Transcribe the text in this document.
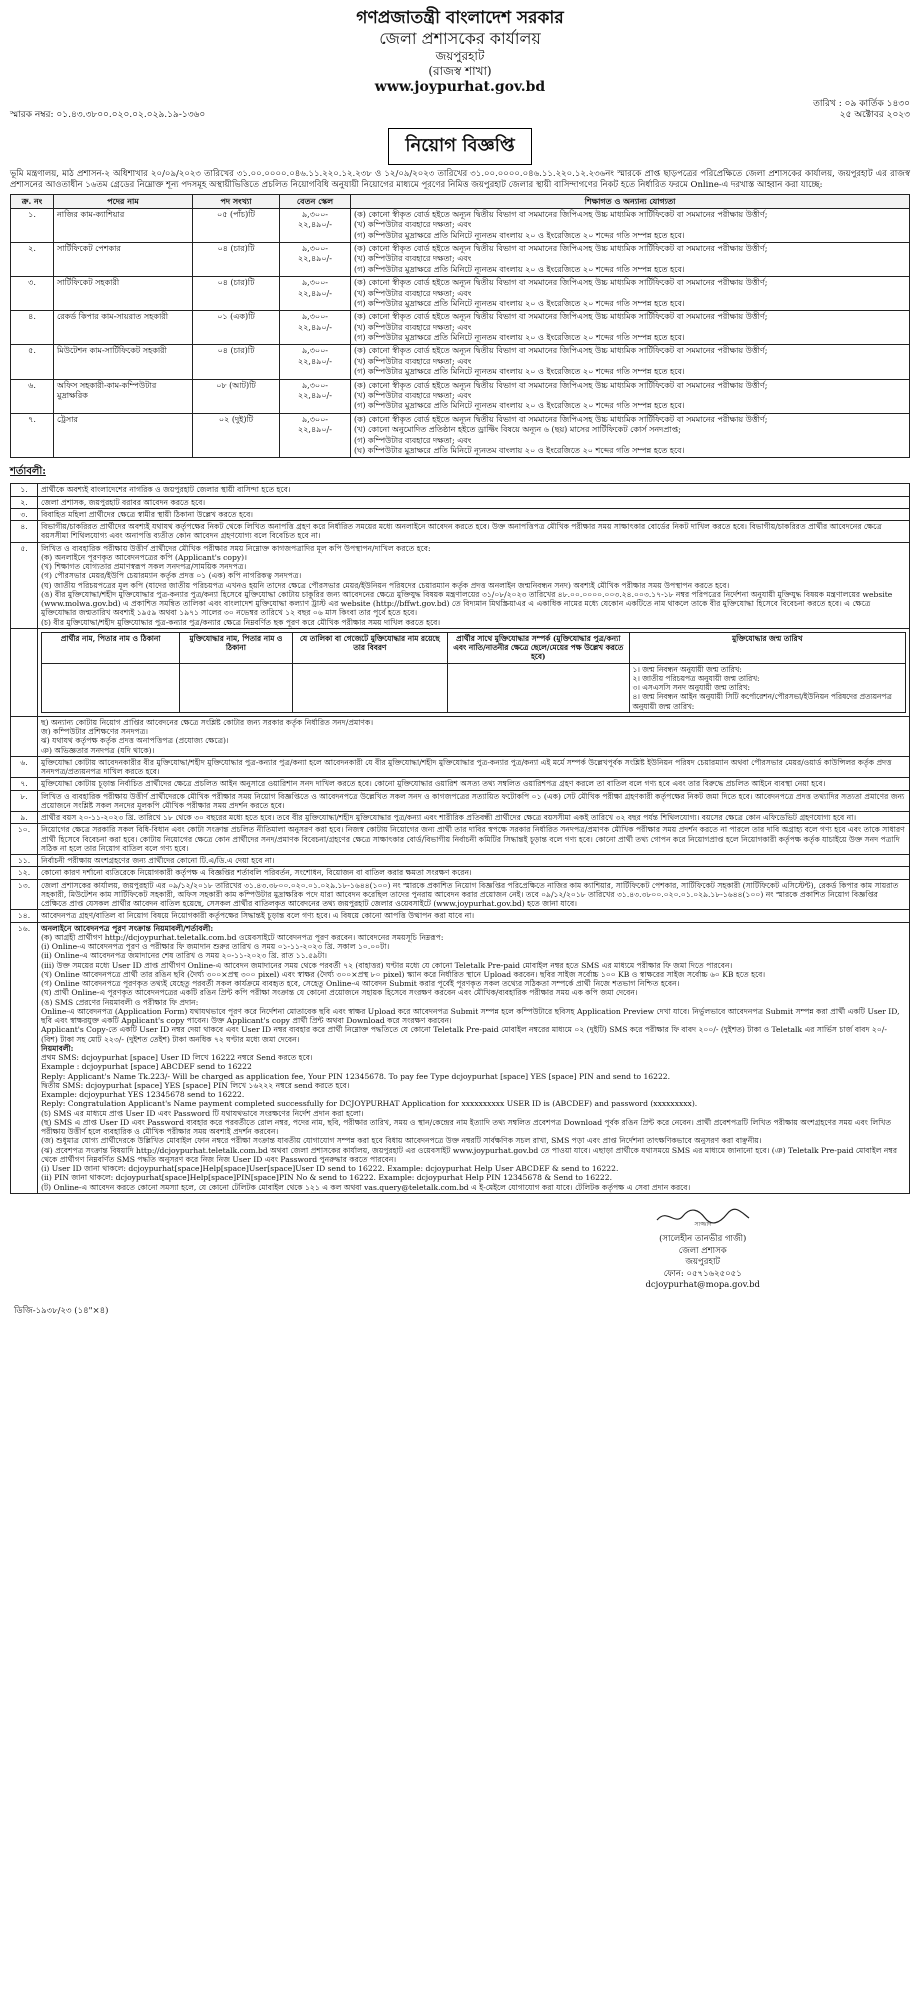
গণপ্রজাতন্ত্রী বাংলাদেশ সরকার
জেলা প্রশাসকের কার্যালয়
জয়পুরহাট
(রাজস্ব শাখা)
www.joypurhat.gov.bd
স্মারক নম্বর: ০১.৪৩.৩৮০০.০২০.০২.০২৯.১৯-১৩৬০
তারিখ : ০৯ কার্তিক ১৪৩০
২৫ অক্টোবর ২০২৩
নিয়োগ বিজ্ঞপ্তি
ভূমি মন্ত্রণালয়, মাঠ প্রশাসন-২ অধিশাখার ২০/০৯/২০২৩ তারিখের ৩১.০০.০০০০.০৪৬.১১.২২০.১২.২৩৮ ও ১২/০৯/২০২৩ তারিখের ৩১.০০.০০০০.০৪৬.১১.২২০.১২.২৩৬নং স্মারকে প্রাপ্ত ছাড়পত্রের পরিপ্রেক্ষিতে জেলা প্রশাসকের কার্যালয়, জয়পুরহাট এর রাজস্ব প্রশাসনের আওতাধীন ১৬তম গ্রেডের নিম্নোক্ত শূন্য পদসমূহ অস্থায়ীভিত্তিতে প্রচলিত নিয়োগবিধি অনুযায়ী নিয়োগের মাধ্যমে পূরণের নিমিত্ত জয়পুরহাট জেলার স্থায়ী বাসিন্দাগণের নিকট হতে নির্ধারিত ফরমে Online-এ দরখাস্ত আহ্বান করা যাচ্ছে:
ক্র. নং	পদের নাম	পদ সংখ্যা	বেতন স্কেল	শিক্ষাগত ও অন্যান্য যোগ্যতা
১.	নাজির কাম-ক্যাশিয়ার	০৫ (পাঁচ)টি	৯,৩০০-
২২,৪৯০/-	(ক) কোনো স্বীকৃত বোর্ড হইতে অন্যূন দ্বিতীয় বিভাগ বা সমমানের জিপিএসহ উচ্চ মাধ্যমিক সার্টিফিকেট বা সমমানের পরীক্ষায় উত্তীর্ণ;
(খ) কম্পিউটার ব্যবহারে দক্ষতা; এবং
(গ) কম্পিউটার মুদ্রাক্ষরে প্রতি মিনিটে ন্যূনতম বাংলায় ২০ ও ইংরেজিতে ২০ শব্দের গতি সম্পন্ন হতে হবে।
২.	সার্টিফিকেট পেশকার	০৪ (চার)টি	৯,৩০০-
২২,৪৯০/-	(ক) কোনো স্বীকৃত বোর্ড হইতে অন্যূন দ্বিতীয় বিভাগ বা সমমানের জিপিএসহ উচ্চ মাধ্যমিক সার্টিফিকেট বা সমমানের পরীক্ষায় উত্তীর্ণ;
(খ) কম্পিউটার ব্যবহারে দক্ষতা; এবং
(গ) কম্পিউটার মুদ্রাক্ষরে প্রতি মিনিটে ন্যূনতম বাংলায় ২০ ও ইংরেজিতে ২০ শব্দের গতি সম্পন্ন হতে হবে।
৩.	সার্টিফিকেট সহকারী	০৪ (চার)টি	৯,৩০০-
২২,৪৯০/-	(ক) কোনো স্বীকৃত বোর্ড হইতে অন্যূন দ্বিতীয় বিভাগ বা সমমানের জিপিএসহ উচ্চ মাধ্যমিক সার্টিফিকেট বা সমমানের পরীক্ষায় উত্তীর্ণ;
(খ) কম্পিউটার ব্যবহারে দক্ষতা; এবং
(গ) কম্পিউটার মুদ্রাক্ষরে প্রতি মিনিটে ন্যূনতম বাংলায় ২০ ও ইংরেজিতে ২০ শব্দের গতি সম্পন্ন হতে হবে।
৪.	রেকর্ড কিপার কাম-সায়রাত সহকারী	০১ (এক)টি	৯,৩০০-
২২,৪৯০/-	(ক) কোনো স্বীকৃত বোর্ড হইতে অন্যূন দ্বিতীয় বিভাগ বা সমমানের জিপিএসহ উচ্চ মাধ্যমিক সার্টিফিকেট বা সমমানের পরীক্ষায় উত্তীর্ণ;
(খ) কম্পিউটার ব্যবহারে দক্ষতা; এবং
(গ) কম্পিউটার মুদ্রাক্ষরে প্রতি মিনিটে ন্যূনতম বাংলায় ২০ ও ইংরেজিতে ২০ শব্দের গতি সম্পন্ন হতে হবে।
৫.	মিউটেশন কাম-সার্টিফিকেট সহকারী	০৪ (চার)টি	৯,৩০০-
২২,৪৯০/-	(ক) কোনো স্বীকৃত বোর্ড হইতে অন্যূন দ্বিতীয় বিভাগ বা সমমানের জিপিএসহ উচ্চ মাধ্যমিক সার্টিফিকেট বা সমমানের পরীক্ষায় উত্তীর্ণ;
(খ) কম্পিউটার ব্যবহারে দক্ষতা; এবং
(গ) কম্পিউটার মুদ্রাক্ষরে প্রতি মিনিটে ন্যূনতম বাংলায় ২০ ও ইংরেজিতে ২০ শব্দের গতি সম্পন্ন হতে হবে।
৬.	অফিস সহকারী-কাম-কম্পিউটার মুদ্রাক্ষরিক	০৮ (আট)টি	৯,৩০০-
২২,৪৯০/-	(ক) কোনো স্বীকৃত বোর্ড হইতে অন্যূন দ্বিতীয় বিভাগ বা সমমানের জিপিএসহ উচ্চ মাধ্যমিক সার্টিফিকেট বা সমমানের পরীক্ষায় উত্তীর্ণ;
(খ) কম্পিউটার ব্যবহারে দক্ষতা; এবং
(গ) কম্পিউটার মুদ্রাক্ষরে প্রতি মিনিটে ন্যূনতম বাংলায় ২০ ও ইংরেজিতে ২০ শব্দের গতি সম্পন্ন হতে হবে।
৭.	ট্রেসার	০২ (দুই)টি	৯,৩০০-
২২,৪৯০/-	(ক) কোনো স্বীকৃত বোর্ড হইতে অন্যূন দ্বিতীয় বিভাগ বা সমমানের জিপিএসহ উচ্চ মাধ্যমিক সার্টিফিকেট বা সমমানের পরীক্ষায় উত্তীর্ণ;
(খ) কোনো অনুমোদিত প্রতিষ্ঠান হইতে ড্রাফ্টিং বিষয়ে অন্যূন ৬ (ছয়) মাসের সার্টিফিকেট কোর্স সনদপ্রাপ্ত;
(গ) কম্পিউটার ব্যবহারে দক্ষতা; এবং
(ঘ) কম্পিউটার মুদ্রাক্ষরে প্রতি মিনিটে ন্যূনতম বাংলায় ২০ ও ইংরেজিতে ২০ শব্দের গতি সম্পন্ন হতে হবে।
শর্তাবলী:
১.	প্রার্থীকে অবশ্যই বাংলাদেশের নাগরিক ও জয়পুরহাট জেলার স্থায়ী বাসিন্দা হতে হবে।
২.	জেলা প্রশাসক, জয়পুরহাট বরাবর আবেদন করতে হবে।
৩.	বিবাহিত মহিলা প্রার্থীদের ক্ষেত্রে স্বামীর স্থায়ী ঠিকানা উল্লেখ করতে হবে।
৪.	বিভাগীয়/চাকরিরত প্রার্থীদের অবশ্যই যথাযথ কর্তৃপক্ষের নিকট থেকে লিখিত অনাপত্তি গ্রহণ করে নির্ধারিত সময়ের মধ্যে অনলাইনে আবেদন করতে হবে। উক্ত অনাপত্তিপত্র মৌখিক পরীক্ষার সময় সাক্ষাৎকার বোর্ডের নিকট দাখিল করতে হবে। বিভাগীয়/চাকরিরত প্রার্থীর আবেদনের ক্ষেত্রে বয়সসীমা শিথিলযোগ্য এবং অনাপত্তি ব্যতীত কোন আবেদন গ্রহণযোগ্য বলে বিবেচিত হবে না।
৫.	লিখিত ও ব্যবহারিক পরীক্ষায় উত্তীর্ণ প্রার্থীদের মৌখিক পরীক্ষার সময় নিম্নোক্ত কাগজপত্রাদির মূল কপি উপস্থাপন/দাখিল করতে হবে:
(ক) অনলাইনে পূরণকৃত আবেদনপত্রের কপি (Applicant's copy)।
(খ) শিক্ষাগত যোগ্যতার প্রমাণস্বরূপ সকল সনদপত্র/সাময়িক সনদপত্র।
(গ) পৌরসভার মেয়র/ইউপি চেয়ারম্যান কর্তৃক প্রদত্ত ০১ (এক) কপি নাগরিকত্ব সনদপত্র।
(ঘ) জাতীয় পরিচয়পত্রের মূল কপি (যাদের জাতীয় পরিচয়পত্র এখনও হয়নি তাদের ক্ষেত্রে পৌরসভার মেয়র/ইউনিয়ন পরিষদের চেয়ারম্যান কর্তৃক প্রদত্ত অনলাইন জন্মনিবন্ধন সনদ) অবশ্যই মৌখিক পরীক্ষার সময় উপস্থাপন করতে হবে।
(ঙ) বীর মুক্তিযোদ্ধা/শহীদ মুক্তিযোদ্ধার পুত্র-কন্যার পুত্র/কন্যা হিসেবে মুক্তিযোদ্ধা কোটায় চাকুরির জন্য আবেদনের ক্ষেত্রে মুক্তিযুদ্ধ বিষয়ক মন্ত্রণালয়ের ৩১/০৮/২০২৩ তারিখের ৪৮.০০.০০০০.০০৩.২৪.০০৩.১৭-১৮ নম্বর পরিপত্রের নির্দেশনা অনুযায়ী মুক্তিযুদ্ধ বিষয়ক মন্ত্রণালয়ের website (www.molwa.gov.bd) এ প্রকাশিত সমন্বিত তালিকা এবং বাংলাদেশ মুক্তিযোদ্ধা কল্যাণ ট্রাস্ট এর website (http://bffwt.gov.bd) তে বিদ্যমান মিথস্ক্রিয়াএর এ একাধিক নামের মধ্যে যেকোন একটিতে নাম থাকলে তাকে বীর মুক্তিযোদ্ধা হিসেবে বিবেচনা করতে হবে। এ ক্ষেত্রে মুক্তিযোদ্ধার জন্মতারিখ অবশ্যই ১৯৫৯ অথবা ১৯৭১ সালের ৩০ নভেম্বর তারিখে ১২ বছর ০৬ মাস কিংবা তার পূর্বে হতে হবে।
(চ) বীর মুক্তিযোদ্ধা/শহীদ মুক্তিযোদ্ধার পুত্র-কন্যার পুত্র/কন্যার ক্ষেত্রে নিম্নবর্ণিত ছক পূরণ করে মৌখিক পরীক্ষার সময় দাখিল করতে হবে।

প্রার্থীর নাম, পিতার নাম ও ঠিকানা	মুক্তিযোদ্ধার নাম, পিতার নাম ও ঠিকানা	যে তালিকা বা গেজেটে মুক্তিযোদ্ধার নাম রয়েছে তার বিবরণ	প্রার্থীর সাথে মুক্তিযোদ্ধার সম্পর্ক (মুক্তিযোদ্ধার পুত্র/কন্যা এবং নাতি/নাতনীর ক্ষেত্রে ছেলে/মেয়ের পক্ষ উল্লেখ করতে হবে)	মুক্তিযোদ্ধার জন্ম তারিখ
				১। জন্ম নিবন্ধন অনুযায়ী জন্ম তারিখ:
২। জাতীয় পরিচয়পত্র অনুযায়ী জন্ম তারিখ:
৩। এসএসসি সনদ অনুযায়ী জন্ম তারিখ:
৪। জন্ম নিবন্ধন আইন অনুযায়ী সিটি কর্পোরেশন/পৌরসভা/ইউনিয়ন পরিষদের প্রত্যয়নপত্র অনুযায়ী জন্ম তারিখ:

	ছ) অন্যান্য কোটায় নিয়োগ প্রাপ্তির আবেদনের ক্ষেত্রে সংশ্লিষ্ট কোটার জন্য সরকার কর্তৃক নির্ধারিত সনদ/প্রমাণক।
জ) কম্পিউটার প্রশিক্ষণের সনদপত্র।
ঝ) যথাযথ কর্তৃপক্ষ কর্তৃক প্রদত্ত অনাপত্তিপত্র (প্রযোজ্য ক্ষেত্রে)।
ঞ) অভিজ্ঞতার সনদপত্র (যদি থাকে)।
৬.	মুক্তিযোদ্ধা কোটায় আবেদনকারীর বীর মুক্তিযোদ্ধা/শহীদ মুক্তিযোদ্ধার পুত্র-কন্যার পুত্র/কন্যা হলে আবেদনকারী যে বীর মুক্তিযোদ্ধা/শহীদ মুক্তিযোদ্ধার পুত্র-কন্যার পুত্র/কন্যা এই মর্মে সম্পর্ক উল্লেখপূর্বক সংশ্লিষ্ট ইউনিয়ন পরিষদ চেয়ারম্যান অথবা পৌরসভার মেয়র/ওয়ার্ড কাউন্সিলর কর্তৃক প্রদত্ত সনদপত্র/প্রত্যয়নপত্র দাখিল করতে হবে।
৭.	মুক্তিযোদ্ধা কোটায় চূড়ান্ত নির্বাচিত প্রার্থীদের ক্ষেত্রে প্রচলিত আইন অনুসারে ওয়ারিশান সনদ দাখিল করতে হবে। কোনো মুক্তিযোদ্ধার ওয়ারিশ অসত্য তথ্য সম্বলিত ওয়ারিশপত্র গ্রহণ করলে তা বাতিল বলে গণ্য হবে এবং তার বিরুদ্ধে প্রচলিত আইনে ব্যবস্থা নেয়া হবে।
৮.	লিখিত ও ব্যবহারিক পরীক্ষায় উত্তীর্ণ প্রার্থীদেরকে মৌখিক পরীক্ষার সময় নিয়োগ বিজ্ঞপ্তিতে ও আবেদনপত্রে উল্লেখিত সকল সনদ ও কাগজপত্রের সত্যায়িত ফটোকপি ০১ (এক) সেট মৌখিক পরীক্ষা গ্রহণকারী কর্তৃপক্ষের নিকট জমা দিতে হবে। আবেদনপত্রে প্রদত্ত তথ্যাদির সত্যতা প্রমাণের জন্য প্রয়োজনে সংশ্লিষ্ট সকল সনদের মূলকপি মৌখিক পরীক্ষার সময় প্রদর্শন করতে হবে।
৯.	প্রার্থীর বয়স ২০-১১-২০২৩ খ্রি. তারিখে ১৮ থেকে ৩০ বছরের মধ্যে হতে হবে। তবে বীর মুক্তিযোদ্ধা/শহীদ মুক্তিযোদ্ধার পুত্র/কন্যা এবং শারীরিক প্রতিবন্ধী প্রার্থীদের ক্ষেত্রে বয়সসীমা একই তারিখে ৩২ বছর পর্যন্ত শিথিলযোগ্য। বয়সের ক্ষেত্রে কোন এফিডেভিট গ্রহণযোগ্য হবে না।
১০.	নিয়োগের ক্ষেত্রে সরকারি সকল বিধি-বিধান এবং কোটা সংক্রান্ত প্রচলিত নীতিমালা অনুসরণ করা হবে। নিজস্ব কোটায় নিয়োগের জন্য প্রার্থী তার দাবির স্বপক্ষে সরকার নির্ধারিত সনদপত্র/প্রমাণক মৌখিক পরীক্ষার সময় প্রদর্শন করতে না পারলে তার দাবি অগ্রাহ্য বলে গণ্য হবে এবং তাকে সাধারণ প্রার্থী হিসেবে বিবেচনা করা হবে। কোটায় নিয়োগের ক্ষেত্রে কোন প্রার্থীদের সনদ/প্রমাণক বিবেচনা/গ্রহণের ক্ষেত্রে সাক্ষাৎকার বোর্ড/বিভাগীয় নির্বাচনী কমিটির সিদ্ধান্তই চূড়ান্ত বলে গণ্য হবে। কোনো প্রার্থী তথ্য গোপন করে নিয়োগপ্রাপ্ত হলে নিয়োগকারী কর্তৃপক্ষ কর্তৃক যাচাইয়ে উক্ত সনদ পত্রাদি সঠিক না হলে তার নিয়োগ বাতিল বলে গণ্য হবে।
১১.	নির্বাচনী পরীক্ষায় অংশগ্রহণের জন্য প্রার্থীদের কোনো টি.এ/ডি.এ দেয়া হবে না।
১২.	কোনো কারণ দর্শানো ব্যতিরেকে নিয়োগকারী কর্তৃপক্ষ এ বিজ্ঞপ্তির শর্তাবলি পরিবর্তন, সংশোধন, বিয়োজন বা বাতিল করার ক্ষমতা সংরক্ষণ করেন।
১৩.	জেলা প্রশাসকের কার্যালয়, জয়পুরহাট এর ০৯/১২/২০১৮ তারিখের ৩১.৪৩.৩৮০০.০২০.০১.০২৯.১৮-১৬৪৪(১০০) নং স্মারকে প্রকাশিত নিয়োগ বিজ্ঞপ্তির পরিপ্রেক্ষিতে নাজির কাম ক্যাশিয়ার, সার্টিফিকেট পেশকার, সার্টিফিকেট সহকারী (সার্টিফিকেট এসিস্টেন্ট), রেকর্ড কিপার কাম সায়রাত সহকারী, মিউটেশন কাম সার্টিফিকেট সহকারী, অফিস সহকারী কাম কম্পিউটার মুদ্রাক্ষরিক পদে যারা আবেদন করেছিল তাদের পুনরায় আবেদন করার প্রয়োজন নেই। তবে ০৯/১২/২০১৮ তারিখের ৩১.৪৩.৩৮০০.০২০.০১.০২৯.১৮-১৬৪৪(১০০) নং স্মারকে প্রকাশিত নিয়োগ বিজ্ঞপ্তির প্রেক্ষিতে প্রাপ্ত যেসকল প্রার্থীর আবেদন বাতিল হয়েছে, সেসকল প্রার্থীর বাতিলকৃত আবেদনের তথ্য জয়পুরহাট জেলার ওয়েবসাইটে (www.joypurhat.gov.bd) হতে জানা যাবে।
১৪.	আবেদনপত্র গ্রহণ/বাতিল বা নিয়োগ বিষয়ে নিয়োগকারী কর্তৃপক্ষের সিদ্ধান্তই চূড়ান্ত বলে গণ্য হবে। এ বিষয়ে কোনো আপত্তি উত্থাপন করা যাবে না।
১৬.	অনলাইনে আবেদনপত্র পূরণ সংক্রান্ত নিয়মাবলী/শর্তাবলী:
(ক) আগ্রহী প্রার্থীগণ http://dcjoypurhat.teletalk.com.bd ওয়েবসাইটে আবেদনপত্র পূরণ করবেন। আবেদনের সময়সূচি নিম্নরূপ:
(i) Online-এ আবেদনপত্র পূরণ ও পরীক্ষার ফি জমাদান শুরুর তারিখ ও সময় ০১-১১-২০২৩ খ্রি. সকাল ১০.০০টা।
(ii) Online-এ আবেদনপত্র জমাদানের শেষ তারিখ ও সময় ২০-১১-২০২৩ খ্রি. রাত ১১.৫৯টা।
(iii) উক্ত সময়ের মধ্যে User ID প্রাপ্ত প্রার্থীগণ Online-এ আবেদন জমাদানের সময় থেকে পরবর্তী ৭২ (বাহাত্তর) ঘণ্টার মধ্যে যে কোনো Teletalk Pre-paid মোবাইল নম্বর হতে SMS এর মাধ্যমে পরীক্ষার ফি জমা দিতে পারবেন।
(খ) Online আবেদনপত্রে প্রার্থী তার রঙিন ছবি (দৈর্ঘ্য ৩০০×প্রস্থ ৩০০ pixel) এবং স্বাক্ষর (দৈর্ঘ্য ৩০০×প্রস্থ ৮০ pixel) স্ক্যান করে নির্ধারিত স্থানে Upload করবেন। ছবির সাইজ সর্বোচ্চ ১০০ KB ও স্বাক্ষরের সাইজ সর্বোচ্চ ৬০ KB হতে হবে।
(গ) Online আবেদনপত্রে পূরণকৃত তথ্যই যেহেতু পরবর্তী সকল কার্যক্রমে ব্যবহৃত হবে, সেহেতু Online-এ আবেদন Submit করার পূর্বেই পূরণকৃত সকল তথ্যের সঠিকতা সম্পর্কে প্রার্থী নিজে শতভাগ নিশ্চিত হবেন।
(ঘ) প্রার্থী Online-এ পূরণকৃত আবেদনপত্রের একটি রঙিন প্রিন্ট কপি পরীক্ষা সংক্রান্ত যে কোনো প্রয়োজনে সহায়ক হিসেবে সংরক্ষণ করবেন এবং মৌখিক/ব্যবহারিক পরীক্ষার সময় এক কপি জমা দেবেন।
(ঙ) SMS প্রেরণের নিয়মাবলী ও পরীক্ষার ফি প্রদান:
Online-এ আবেদনপত্র (Application Form) যথাযথভাবে পূরণ করে নির্দেশনা মোতাবেক ছবি এবং স্বাক্ষর Upload করে আবেদনপত্র Submit সম্পন্ন হলে কম্পিউটারে ছবিসহ Application Preview দেখা যাবে। নির্ভুলভাবে আবেদনপত্র Submit সম্পন্ন করা প্রার্থী একটি User ID, ছবি এবং স্বাক্ষরযুক্ত একটি Applicant's copy পাবেন। উক্ত Applicant's copy প্রার্থী প্রিন্ট অথবা Download করে সংরক্ষণ করবেন।
Applicant's Copy-তে একটি User ID নম্বর দেয়া থাকবে এবং User ID নম্বর ব্যবহার করে প্রার্থী নিম্নোক্ত পদ্ধতিতে যে কোনো Teletalk Pre-paid মোবাইল নম্বরের মাধ্যমে ০২ (দুইটি) SMS করে পরীক্ষার ফি বাবদ ২০০/- (দুইশত) টাকা ও Teletalk এর সার্ভিস চার্জ বাবদ ২০/- (বিশ) টাকা সহ মোট ২২৩/- (দুইশত তেইশ) টাকা অনধিক ৭২ ঘণ্টার মধ্যে জমা দেবেন।
নিয়মাবলী:
প্রথম SMS: dcjoypurhat [space] User ID লিখে 16222 নম্বরে Send করতে হবে।
Example : dcjoypurhat [space] ABCDEF send to 16222
Reply: Applicant's Name Tk.223/- Will be charged as application fee, Your PIN 12345678. To pay fee Type dcjoypurhat [space] YES [space] PIN and send to 16222.
দ্বিতীয় SMS: dcjoypurhat [space] YES [space] PIN লিখে ১৬২২২ নম্বরে send করতে হবে।
Example: dcjoypurhat YES 12345678 send to 16222.
Reply: Congratulation Applicant's Name payment completed successfully for DCJOYPURHAT Application for xxxxxxxxxx USER ID is (ABCDEF) and password (xxxxxxxxx).
(চ) SMS এর মাধ্যমে প্রাপ্ত User ID এবং Password টি যথাযথভাবে সংরক্ষণের নির্দেশ প্রদান করা হলো।
(ছ) SMS এ প্রাপ্ত User ID এবং Password ব্যবহার করে পরবর্তীতে রোল নম্বর, পদের নাম, ছবি, পরীক্ষার তারিখ, সময় ও স্থান/কেন্দ্রের নাম ইত্যাদি তথ্য সম্বলিত প্রবেশপত্র Download পূর্বক রঙিন প্রিন্ট করে নেবেন। প্রার্থী প্রবেশপত্রটি লিখিত পরীক্ষায় অংশগ্রহণের সময় এবং লিখিত পরীক্ষায় উত্তীর্ণ হলে ব্যবহারিক ও মৌখিক পরীক্ষার সময় অবশ্যই প্রদর্শন করবেন।
(জ) শুধুমাত্র যোগ্য প্রার্থীদেরকে উল্লিখিত মোবাইল ফোন নম্বরে পরীক্ষা সংক্রান্ত যাবতীয় যোগাযোগ সম্পন্ন করা হবে বিধায় আবেদনপত্রে উক্ত নম্বরটি সার্বক্ষণিক সচল রাখা, SMS পড়া এবং প্রাপ্ত নির্দেশনা তাৎক্ষণিকভাবে অনুসরণ করা বাঞ্ছনীয়।
(ঝ) প্রবেশপত্র সংক্রান্ত বিষয়াদি http://dcjoypurhat.teletalk.com.bd অথবা জেলা প্রশাসকের কার্যালয়, জয়পুরহাট এর ওয়েবসাইট www.joypurhat.gov.bd তে পাওয়া যাবে। এছাড়া প্রার্থীকে যথাসময়ে SMS এর মাধ্যমে জানানো হবে। (ঞ) Teletalk Pre-paid মোবাইল নম্বর থেকে প্রার্থীগণ নিম্নবর্ণিত SMS পদ্ধতি অনুসরণ করে নিজ নিজ User ID এবং Password পুনরুদ্ধার করতে পারবেন।
(i) User ID জানা থাকলে: dcjoypurhat[space]Help[space]User[space]User ID send to 16222. Example: dcjoypurhat Help User ABCDEF & send to 16222.
(ii) PIN জানা থাকলে: dcjoypurhat[space]Help[space]PIN[space]PIN No & send to 16222. Example: dcjoypurhat Help PIN 12345678 & Send to 16222.
(ট) Online-এ আবেদন করতে কোনো সমস্যা হলে, যে কোনো টেলিটক মোবাইল থেকে ১২১ এ কল অথবা vas.query@teletalk.com.bd এ ই-মেইলে যোগাযোগ করা যাবে। টেলিটক কর্তৃপক্ষ এ সেবা প্রদান করবে।
সাজ্জাদ
(সালেহীন তানভীর গাজী)
জেলা প্রশাসক
জয়পুরহাট
ফোন: ০৫৭১৬২৫০৫১
dcjoypurhat@mopa.gov.bd
ডিজি-১৯৩৮/২৩ (১৪"×৪)
